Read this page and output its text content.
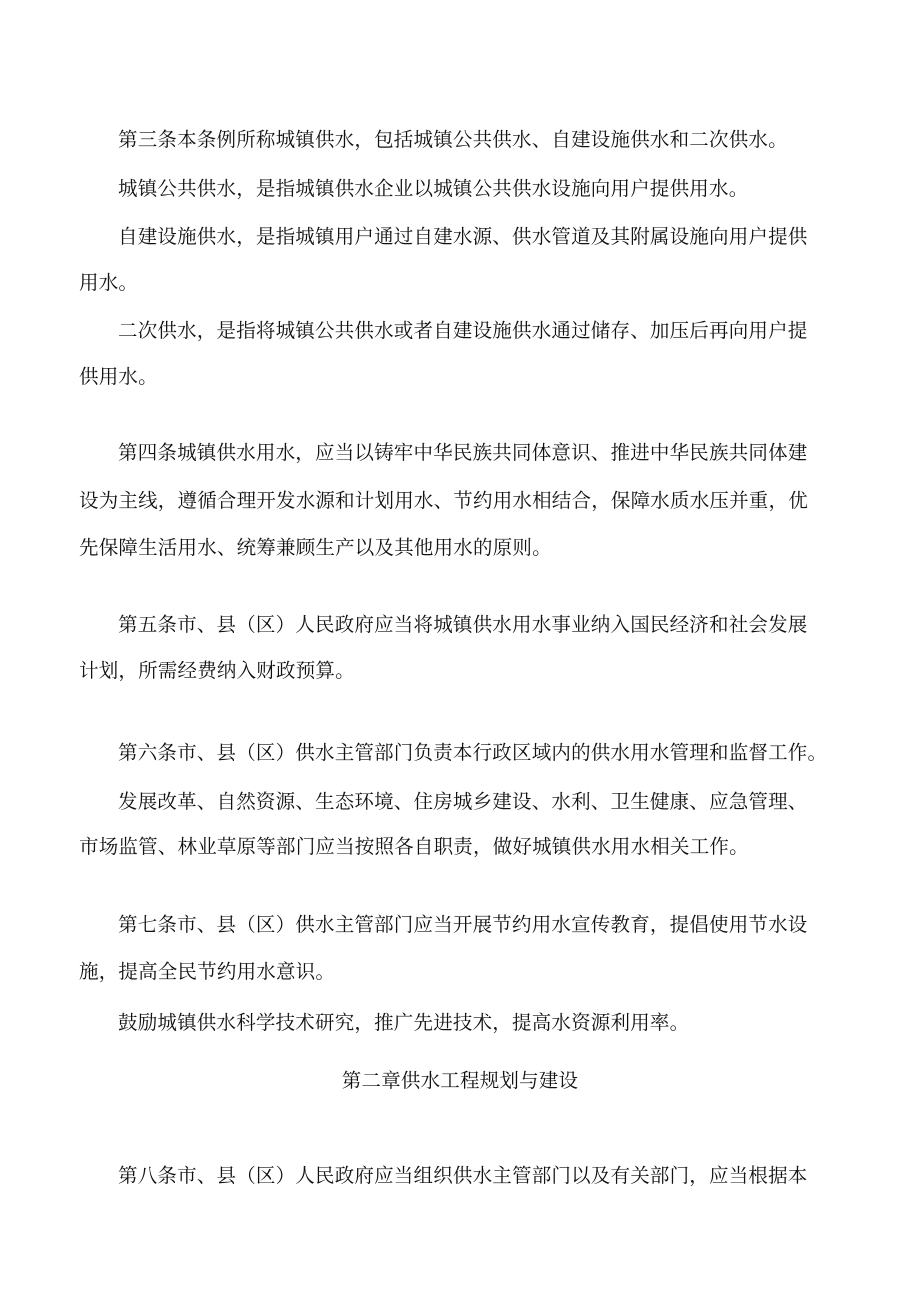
第三条本条例所称城镇供水，包括城镇公共供水、自建设施供水和二次供水。
城镇公共供水，是指城镇供水企业以城镇公共供水设施向用户提供用水。
自建设施供水，是指城镇用户通过自建水源、供水管道及其附属设施向用户提供
用水。
二次供水，是指将城镇公共供水或者自建设施供水通过储存、加压后再向用户提
供用水。
第四条城镇供水用水，应当以铸牢中华民族共同体意识、推进中华民族共同体建
设为主线，遵循合理开发水源和计划用水、节约用水相结合，保障水质水压并重，优
先保障生活用水、统筹兼顾生产以及其他用水的原则。
第五条市、县（区）人民政府应当将城镇供水用水事业纳入国民经济和社会发展
计划，所需经费纳入财政预算。
第六条市、县（区）供水主管部门负责本行政区域内的供水用水管理和监督工作。
发展改革、自然资源、生态环境、住房城乡建设、水利、卫生健康、应急管理、
市场监管、林业草原等部门应当按照各自职责，做好城镇供水用水相关工作。
第七条市、县（区）供水主管部门应当开展节约用水宣传教育，提倡使用节水设
施，提高全民节约用水意识。
鼓励城镇供水科学技术研究，推广先进技术，提高水资源利用率。
第二章供水工程规划与建设
第八条市、县（区）人民政府应当组织供水主管部门以及有关部门，应当根据本
